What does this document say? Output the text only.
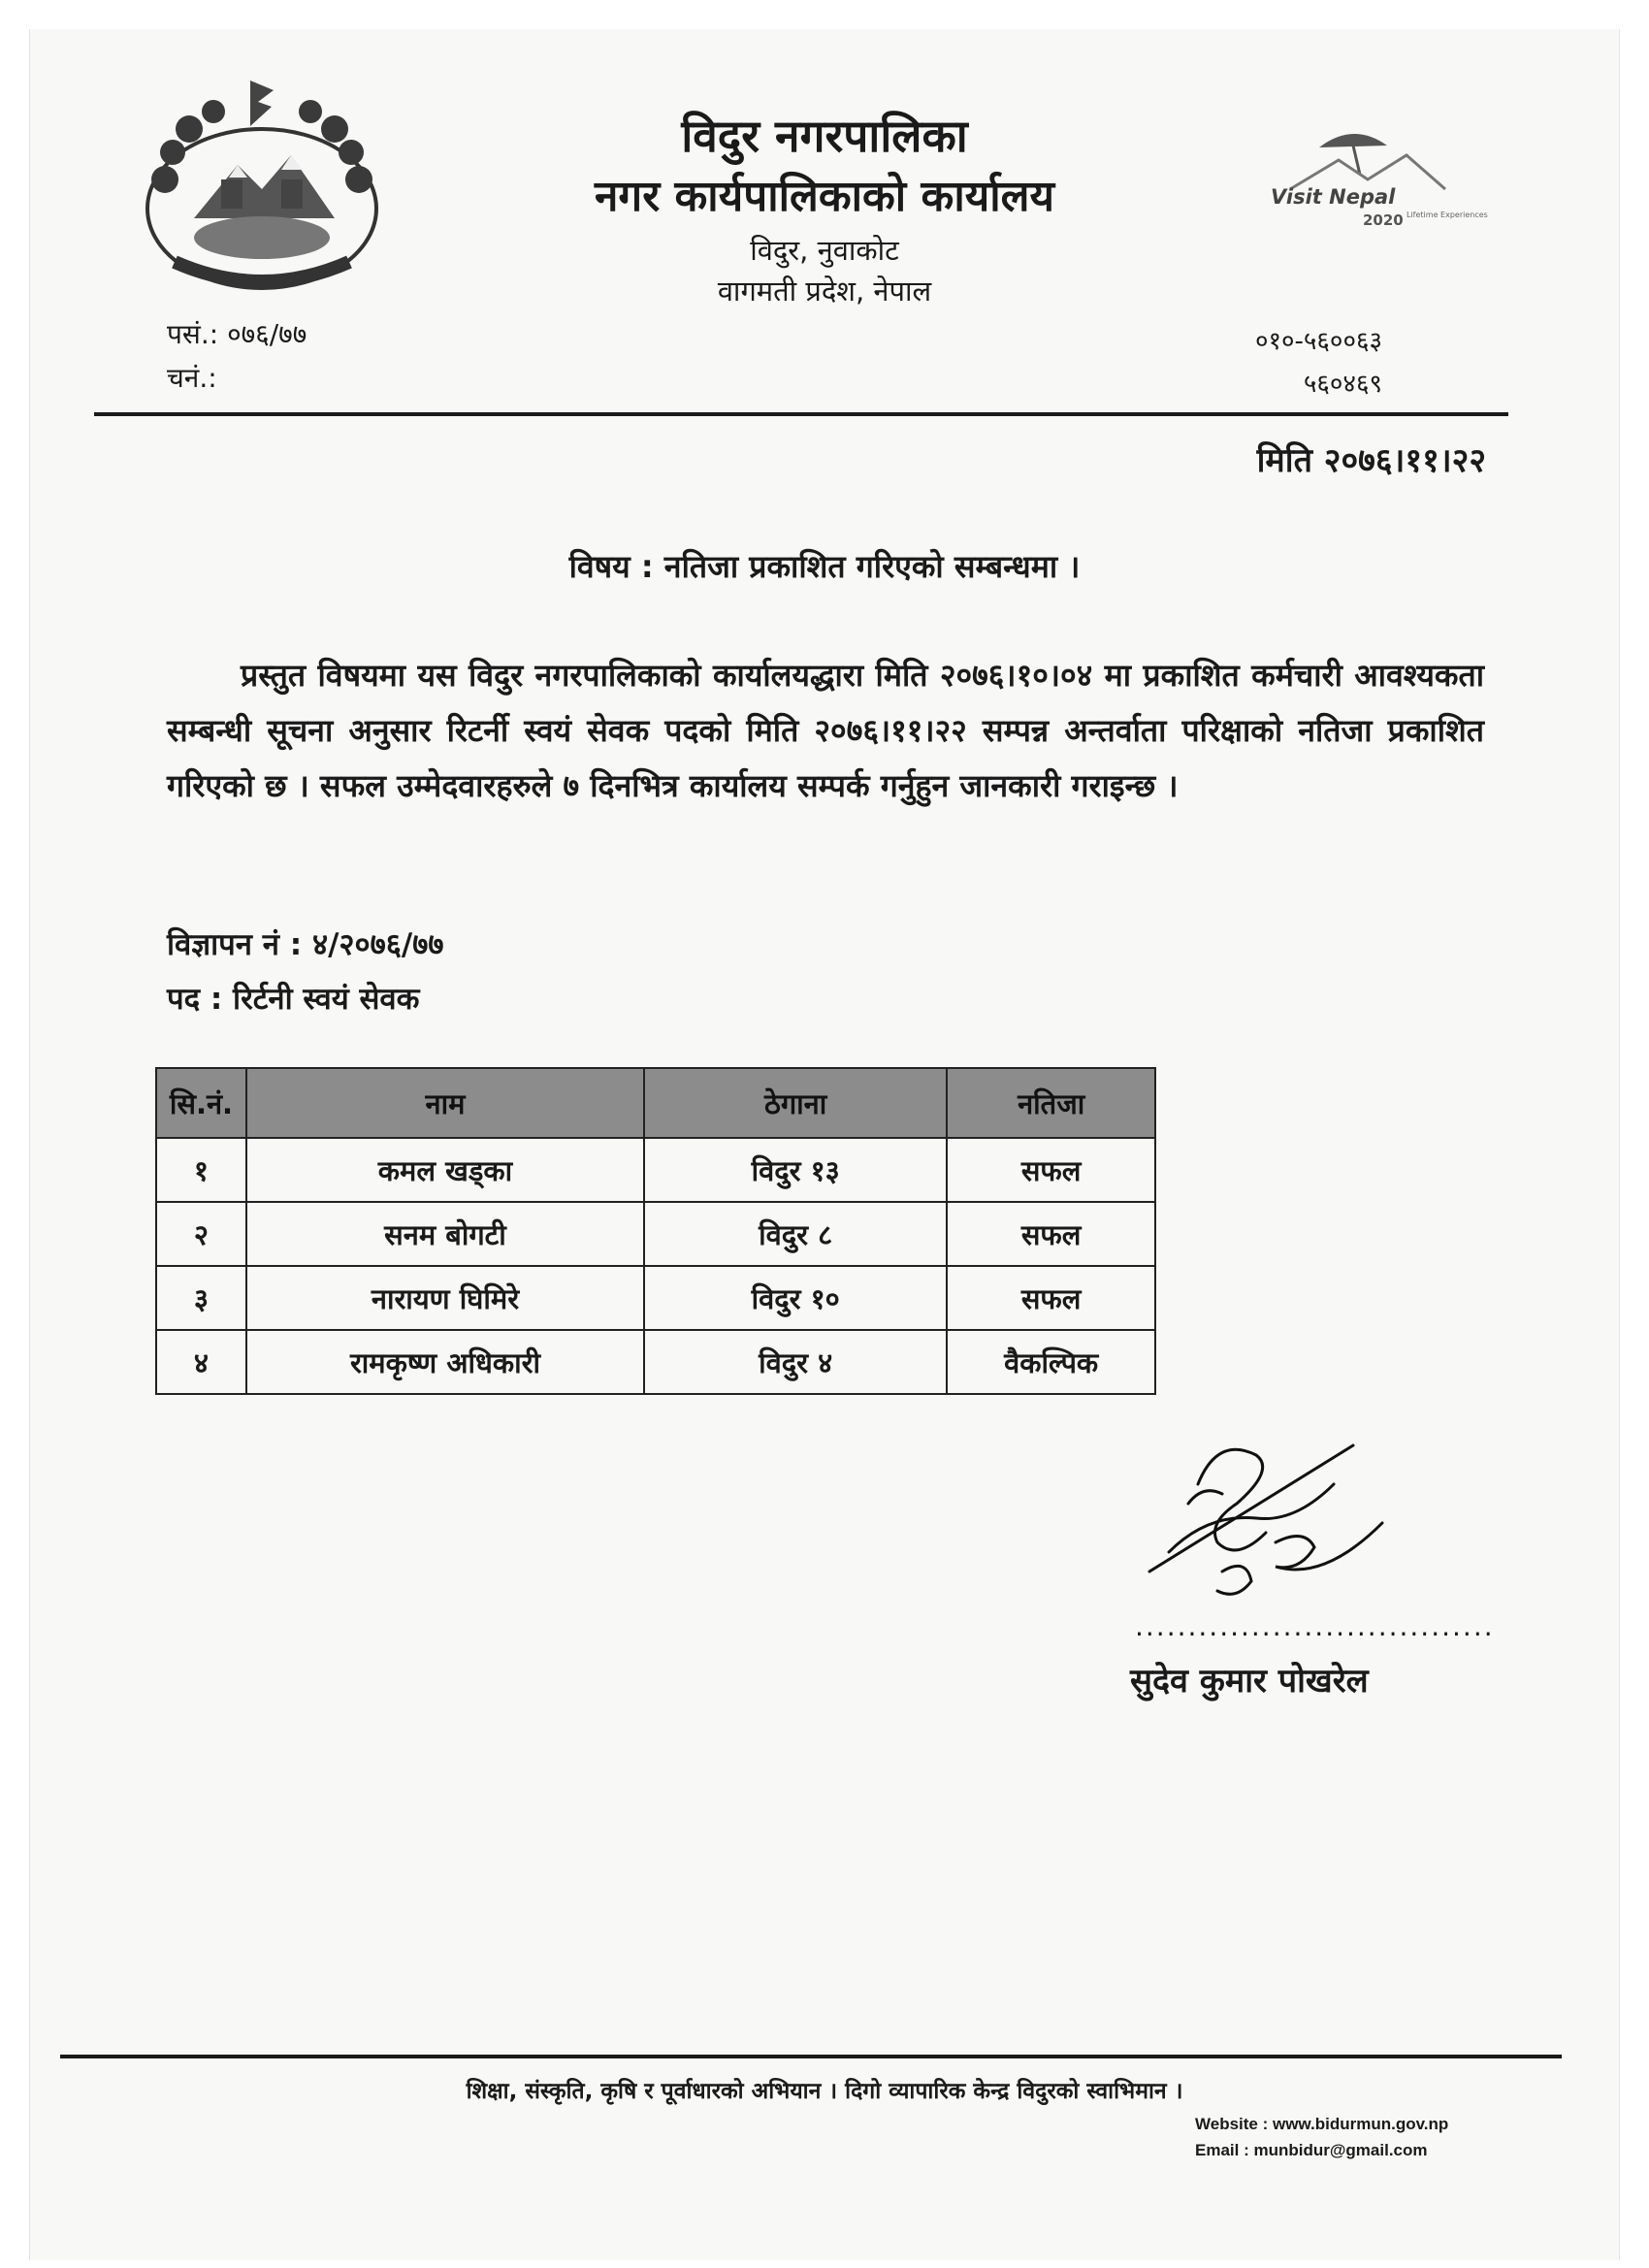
Visit Nepal
2020 Lifetime Experiences
विदुर नगरपालिका
नगर कार्यपालिकाको कार्यालय
विदुर, नुवाकोट
वागमती प्रदेश, नेपाल
पसं.: ०७६/७७
चनं.:
०१०-५६००६३
५६०४६९
मिति २०७६।११।२२
विषय : नतिजा प्रकाशित गरिएको सम्बन्धमा ।
प्रस्तुत विषयमा यस विदुर नगरपालिकाको कार्यालयद्धारा मिति २०७६।१०।०४ मा प्रकाशित कर्मचारी आवश्यकता सम्बन्धी सूचना अनुसार रिटर्नी स्वयं सेवक पदको मिति २०७६।११।२२ सम्पन्न अन्तर्वाता परिक्षाको नतिजा प्रकाशित गरिएको छ । सफल उम्मेदवारहरुले ७ दिनभित्र कार्यालय सम्पर्क गर्नुहुन जानकारी गराइन्छ ।
विज्ञापन नं : ४/२०७६/७७
पद : रिर्टनी स्वयं सेवक
सि.नं.	नाम	ठेगाना	नतिजा
१	कमल खड्का	विदुर १३	सफल
२	सनम बोगटी	विदुर ८	सफल
३	नारायण घिमिरे	विदुर १०	सफल
४	रामकृष्ण अधिकारी	विदुर ४	वैकल्पिक
..................................
सुदेव कुमार पोखरेल
शिक्षा, संस्कृति, कृषि र पूर्वाधारको अभियान । दिगो व्यापारिक केन्द्र विदुरको स्वाभिमान ।
Website : www.bidurmun.gov.np
Email : munbidur@gmail.com
